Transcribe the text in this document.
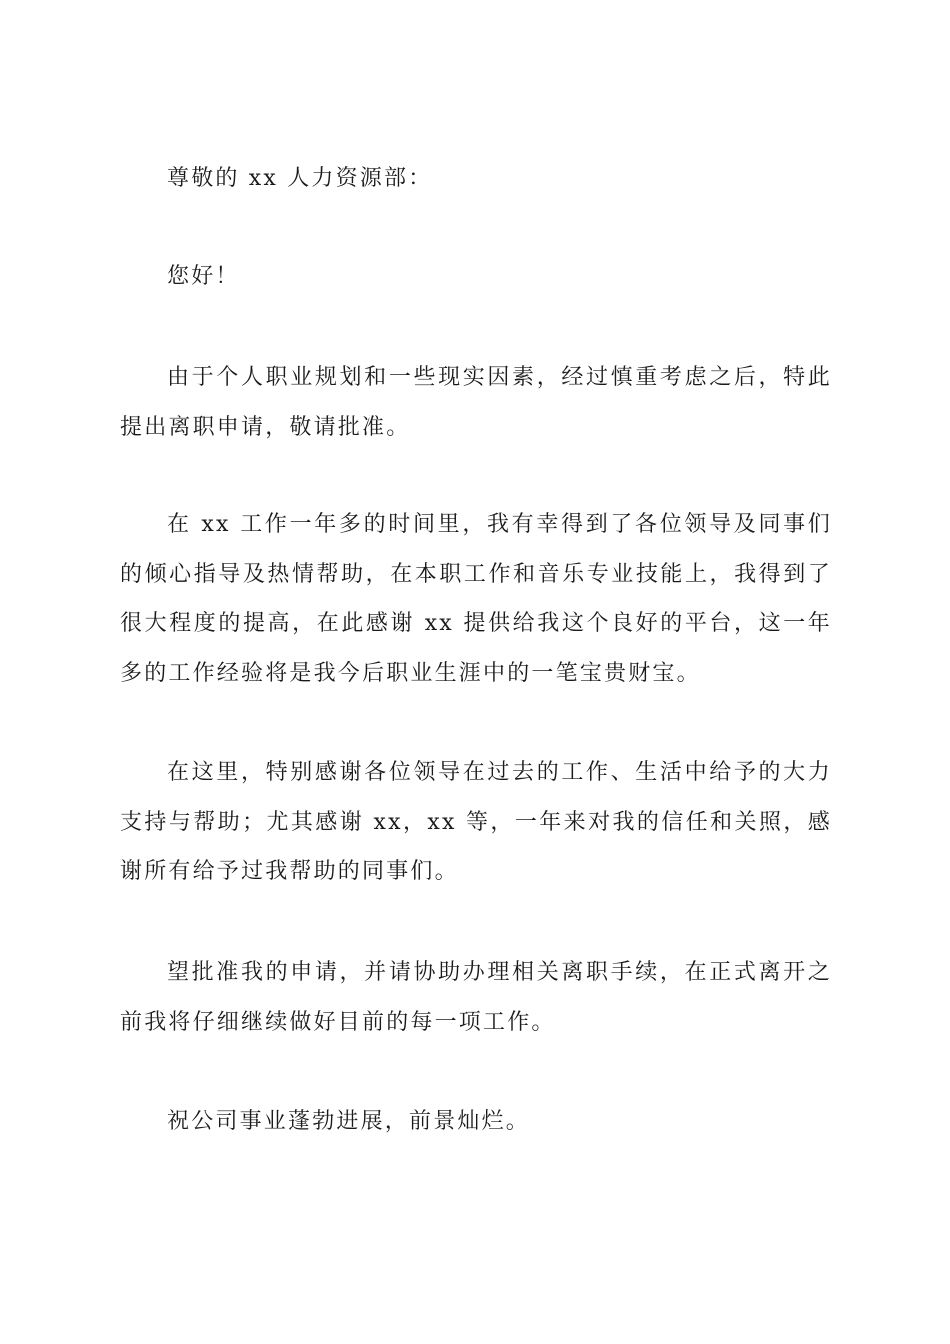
尊敬的 xx 人力资源部：

您好！

由于个人职业规划和一些现实因素，经过慎重考虑之后，特此提出离职申请，敬请批准。

在 xx 工作一年多的时间里，我有幸得到了各位领导及同事们的倾心指导及热情帮助，在本职工作和音乐专业技能上，我得到了很大程度的提高，在此感谢 xx 提供给我这个良好的平台，这一年多的工作经验将是我今后职业生涯中的一笔宝贵财宝。

在这里，特别感谢各位领导在过去的工作、生活中给予的大力支持与帮助；尤其感谢 xx，xx 等，一年来对我的信任和关照，感谢所有给予过我帮助的同事们。

望批准我的申请，并请协助办理相关离职手续，在正式离开之前我将仔细继续做好目前的每一项工作。

祝公司事业蓬勃进展，前景灿烂。
